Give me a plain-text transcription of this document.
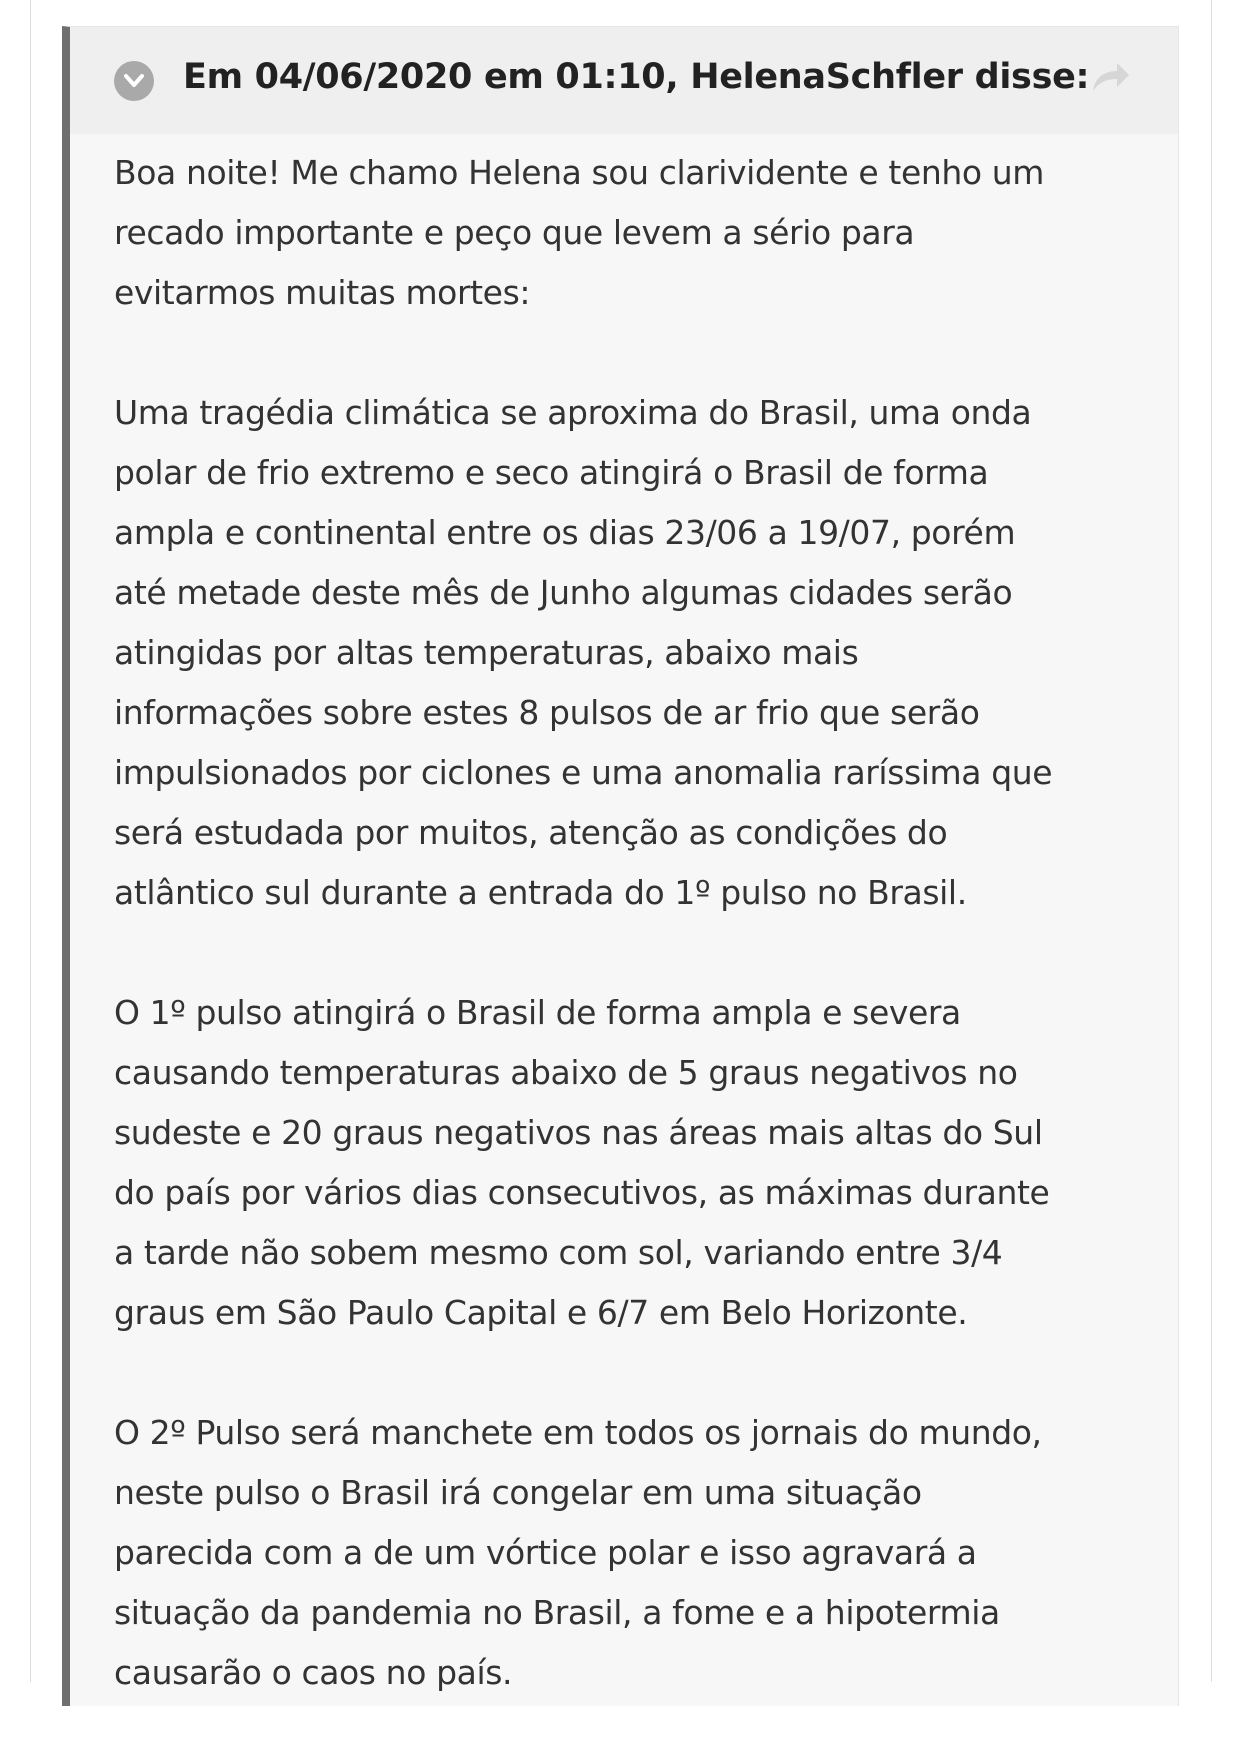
Em 04/06/2020 em 01:10, HelenaSchfler disse:

Boa noite! Me chamo Helena sou clarividente e tenho um
recado importante e peço que levem a sério para
evitarmos muitas mortes:

Uma tragédia climática se aproxima do Brasil, uma onda
polar de frio extremo e seco atingirá o Brasil de forma
ampla e continental entre os dias 23/06 a 19/07, porém
até metade deste mês de Junho algumas cidades serão
atingidas por altas temperaturas, abaixo mais
informações sobre estes 8 pulsos de ar frio que serão
impulsionados por ciclones e uma anomalia raríssima que
será estudada por muitos, atenção as condições do
atlântico sul durante a entrada do 1º pulso no Brasil.

O 1º pulso atingirá o Brasil de forma ampla e severa
causando temperaturas abaixo de 5 graus negativos no
sudeste e 20 graus negativos nas áreas mais altas do Sul
do país por vários dias consecutivos, as máximas durante
a tarde não sobem mesmo com sol, variando entre 3/4
graus em São Paulo Capital e 6/7 em Belo Horizonte.

O 2º Pulso será manchete em todos os jornais do mundo,
neste pulso o Brasil irá congelar em uma situação
parecida com a de um vórtice polar e isso agravará a
situação da pandemia no Brasil, a fome e a hipotermia
causarão o caos no país.
